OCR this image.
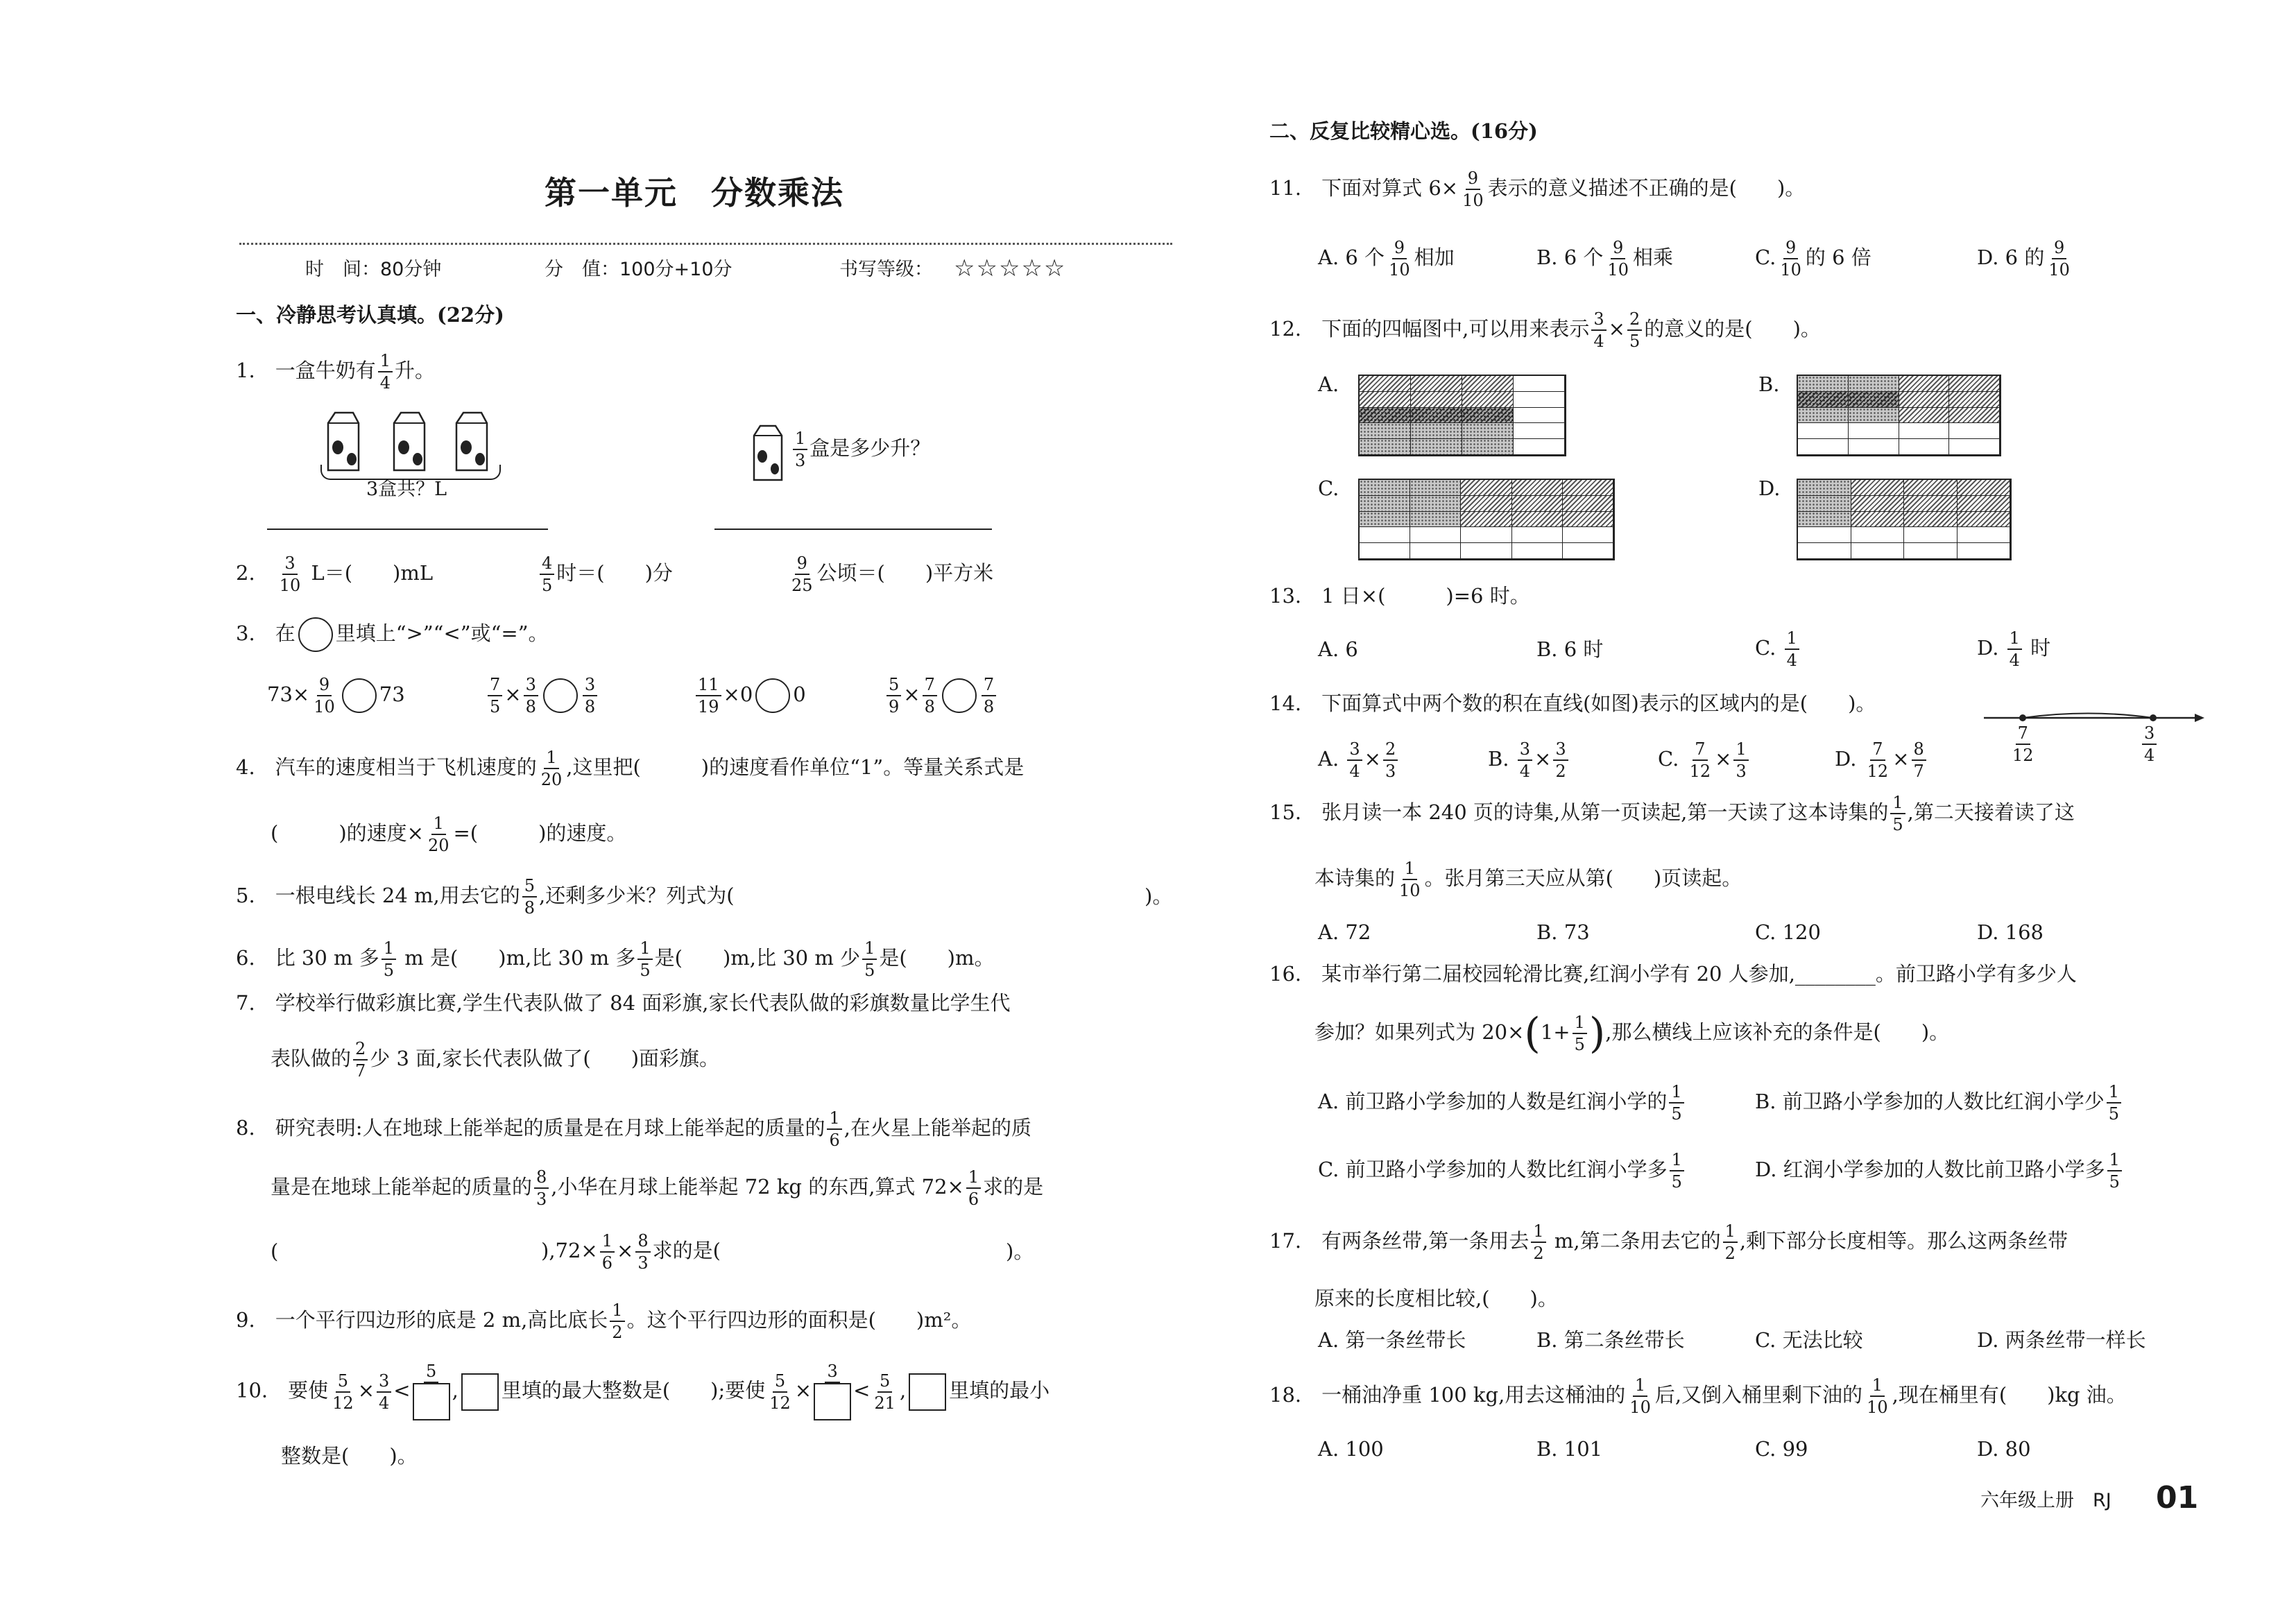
第一单元　分数乘法
时　间：80分钟	分　值：100分+10分	书写等级： ☆☆☆☆☆
一、冷静思考认真填。(22分)
1.　 一盒牛奶有 $\frac{1}{4}$ 升。
3盒共？L
$\frac{1}{3}$ 盒是多少升？
2.　 $\frac{3}{10} L=$(　　)mL	$\frac{4}{5}$ 时＝(　　)分	$\frac{9}{25}$ 公顷＝(　　)平方米
3.　 在 里填上“>”“<”或“=”。
$73\times \frac{9}{10} 73$	$\frac{7}{5} \times \frac{3}{8}$	$\frac{3}{8}$	$\frac{11}{19} \times 0$ 0	$\frac{5}{9} \times \frac{7}{8}$	$\frac{7}{8}$
4.　 汽车的速度相当于飞机速度的 $\frac{1}{20}$ ,这里把(　　　)的速度看作单位“1”。等量关系式是
(　　　)的速度× $\frac{1}{20}$ =(　　　)的速度。
5.　 一根电线长 24 m,用去它的 $\frac{5}{8}$ ,还剩多少米？列式为(	)。
6.　 比 30 m 多 $\frac{1}{5}$ m 是(　　)m,比 30 m 多 $\frac{1}{5}$ 是(　　)m,比 30 m 少 $\frac{1}{5}$ 是(　　)m。
7.　 学校举行做彩旗比赛,学生代表队做了 84 面彩旗,家长代表队做的彩旗数量比学生代
表队做的 $\frac{2}{7}$ 少 3 面,家长代表队做了(　　)面彩旗。
8.　 研究表明:人在地球上能举起的质量是在月球上能举起的质量的 $\frac{1}{6}$ ,在火星上能举起的质
量是在地球上能举起的质量的 $\frac{8}{3}$ ,小华在月球上能举起 72 kg 的东西,算式 $72\times \frac{1}{6}$ 求的是
(	)$,72\times \frac{1}{6} \times \frac{8}{3}$ 求的是(	)。
9.　 一个平行四边形的底是 2 m,高比底长 $\frac{1}{2}$ 。这个平行四边形的面积是(　　)m²。
10.　 要使 $\frac{5}{12} \times \frac{3}{4}$ <
5
, 里填的最大整数是(　　);要使 $\frac{5}{12}$ ×
3
< $\frac{5}{21}$ , 里填的最小
整数是(　　)。
二、反复比较精心选。(16分)
11.　 下面对算式 $6\times \frac{9}{10}$ 表示的意义描述不正确的是(　　)。
A. 6 个 $\frac{9}{10}$ 相加	B. 6 个 $\frac{9}{10}$ 相乘	C. $\frac{9}{10}$ 的 6 倍	D. 6 的 $\frac{9}{10}$
12.　 下面的四幅图中,可以用来表示 $\frac{3}{4} \times \frac{2}{5}$ 的意义的是(　　)。
A.	B.
C.	D.
13.　 1 日×(　　　)=6 时。
A. 6	B. 6 时	C. $\frac{1}{4}$	D. $\frac{1}{4}$ 时
14.　 下面算式中两个数的积在直线(如图)表示的区域内的是(　　)。
A. $\frac{3}{4} \times \frac{2}{3}$	B. $\frac{3}{4} \times \frac{3}{2}$	C. $\frac{7}{12} \times \frac{1}{3}$	D. $\frac{7}{12} \times \frac{8}{7}$	$\frac{7}{12}$	$\frac{3}{4}$
15.　 张月读一本 240 页的诗集,从第一页读起,第一天读了这本诗集的 $\frac{1}{5}$ ,第二天接着读了这
本诗集的 $\frac{1}{10}$ 。张月第三天应从第(　　)页读起。
A. 72	B. 73	C. 120	D. 168
16.　 某市举行第二届校园轮滑比赛,红润小学有 20 人参加,________。前卫路小学有多少人
参加？如果列式为 $20\times(1+ \frac{1}{5}$ ),那么横线上应该补充的条件是(　　)。
A. 前卫路小学参加的人数是红润小学的 $\frac{1}{5}$	B. 前卫路小学参加的人数比红润小学少 $\frac{1}{5}$
C. 前卫路小学参加的人数比红润小学多 $\frac{1}{5}$	D. 红润小学参加的人数比前卫路小学多 $\frac{1}{5}$
17.　 有两条丝带,第一条用去 $\frac{1}{2} m$,第二条用去它的 $\frac{1}{2}$ ,剩下部分长度相等。那么这两条丝带
原来的长度相比较,(　　)。
A. 第一条丝带长	B. 第二条丝带长	C. 无法比较	D. 两条丝带一样长
18.　 一桶油净重 100 kg,用去这桶油的 $\frac{1}{10}$ 后,又倒入桶里剩下油的 $\frac{1}{10}$ ,现在桶里有(　　)kg 油。
A. 100	B. 101	C. 99	D. 80
六年级上册　RJ 01
